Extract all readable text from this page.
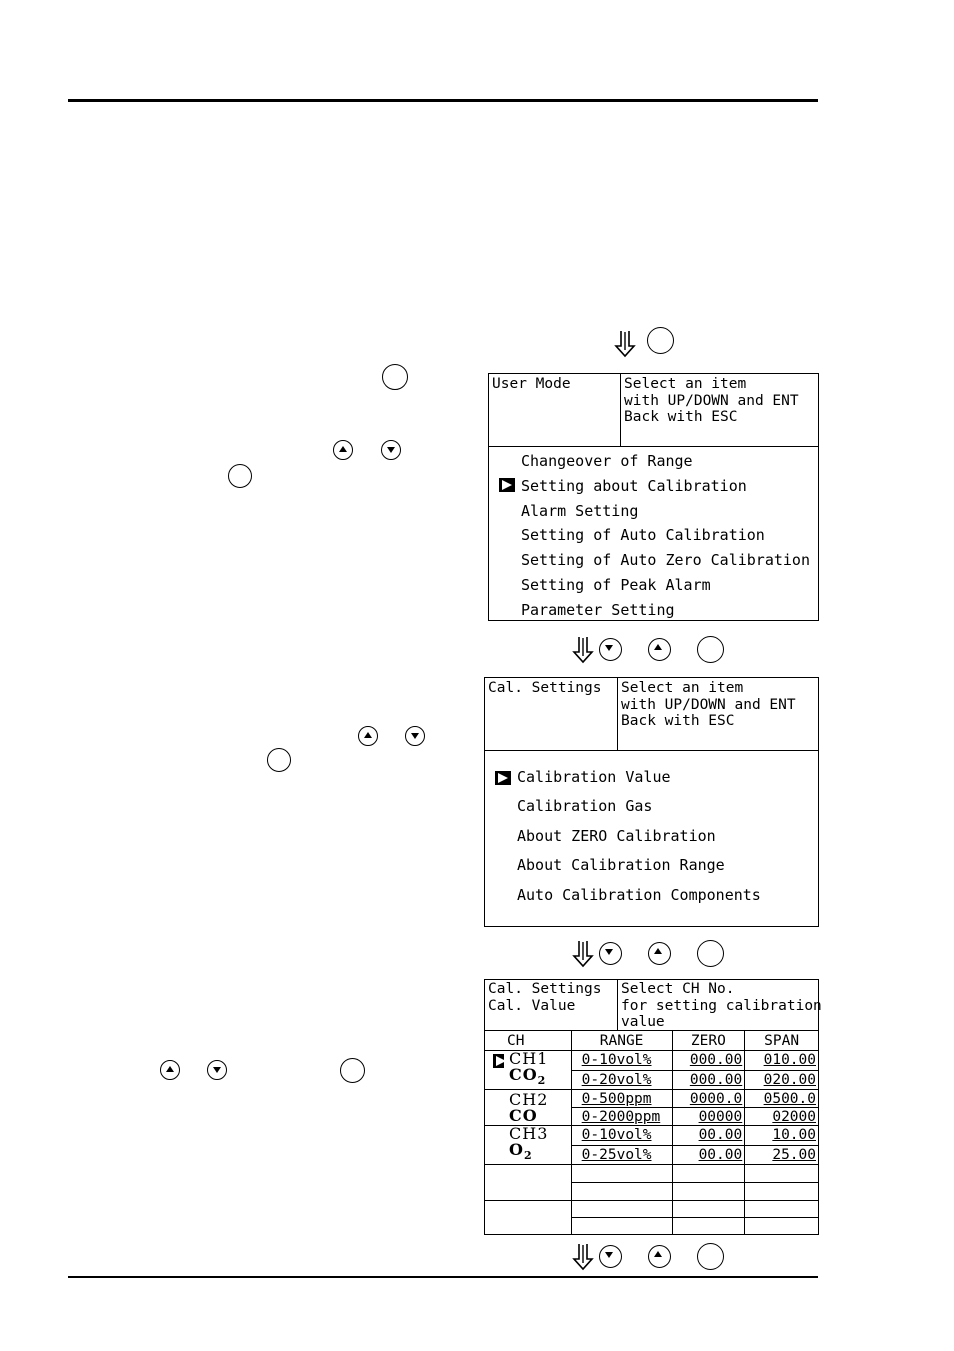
User Mode	Select an item
with UP/DOWN and ENT
Back with ESC
Changeover of Range
Setting about Calibration
Alarm Setting
Setting of Auto Calibration
Setting of Auto Zero Calibration
Setting of Peak Alarm
Parameter Setting
Cal. Settings Select an item
with UP/DOWN and ENT
Back with ESC
Calibration Value
Calibration Gas
About ZERO Calibration
About Calibration Range
Auto Calibration Components
Cal. Settings
Cal. Value
Select CH No.
for setting calibration
value
CH	RANGE	ZERO	SPAN

CH1
$CO_2$	0-10vol%	000.00	010.00
	0-20vol%	000.00	020.00

CH2
CO	0-500ppm	0000.0	0500.0
	0-2000ppm	00000	02000

CH3
$O_2$	0-10vol%	00.00	10.00
	0-25vol%	00.00	25.00
